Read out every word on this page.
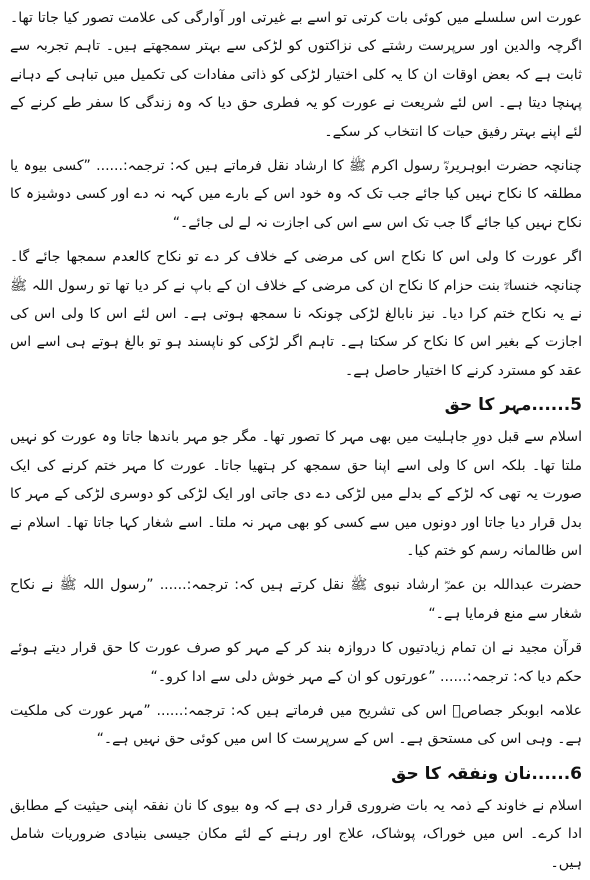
عورت اس سلسلے میں کوئی بات کرتی تو اسے بے غیرتی اور آوارگی کی علامت تصور کیا جاتا تھا۔ اگرچہ والدین اور سرپرست رشتے کی نزاکتوں کو لڑکی سے بہتر سمجھتے ہیں۔ تاہم تجربہ سے ثابت ہے کہ بعض اوقات ان کا یہ کلی اختیار لڑکی کو ذاتی مفادات کی تکمیل میں تباہی کے دہانے پہنچا دیتا ہے۔ اس لئے شریعت نے عورت کو یہ فطری حق دیا کہ وہ زندگی کا سفر طے کرنے کے لئے اپنے بہتر رفیق حیات کا انتخاب کر سکے۔

چنانچہ حضرت ابوہریرہؓ رسول اکرم ﷺ کا ارشاد نقل فرماتے ہیں کہ: ترجمہ:...... ”کسی بیوہ یا مطلقہ کا نکاح نہیں کیا جائے جب تک کہ وہ خود اس کے بارے میں کہہ نہ دے اور کسی دوشیزہ کا نکاح نہیں کیا جائے گا جب تک اس سے اس کی اجازت نہ لے لی جائے۔“

اگر عورت کا ولی اس کا نکاح اس کی مرضی کے خلاف کر دے تو نکاح کالعدم سمجھا جائے گا۔ چنانچہ خنساءؓ بنت حزام کا نکاح ان کی مرضی کے خلاف ان کے باپ نے کر دیا تھا تو رسول اللہ ﷺ نے یہ نکاح ختم کرا دیا۔ نیز نابالغ لڑکی چونکہ نا سمجھ ہوتی ہے۔ اس لئے اس کا ولی اس کی اجازت کے بغیر اس کا نکاح کر سکتا ہے۔ تاہم اگر لڑکی کو ناپسند ہو تو بالغ ہوتے ہی اسے اس عقد کو مسترد کرنے کا اختیار حاصل ہے۔

5......مہر کا حق

اسلام سے قبل دورِ جاہلیت میں بھی مہر کا تصور تھا۔ مگر جو مہر باندھا جاتا وہ عورت کو نہیں ملتا تھا۔ بلکہ اس کا ولی اسے اپنا حق سمجھ کر ہتھیا جاتا۔ عورت کا مہر ختم کرنے کی ایک صورت یہ تھی کہ لڑکے کے بدلے میں لڑکی دے دی جاتی اور ایک لڑکی کو دوسری لڑکی کے مہر کا بدل قرار دیا جاتا اور دونوں میں سے کسی کو بھی مہر نہ ملتا۔ اسے شغار کہا جاتا تھا۔ اسلام نے اس ظالمانہ رسم کو ختم کیا۔

حضرت عبداللہ بن عمرؓ ارشاد نبوی ﷺ نقل کرتے ہیں کہ: ترجمہ:...... ”رسول اللہ ﷺ نے نکاح شغار سے منع فرمایا ہے۔“

قرآن مجید نے ان تمام زیادتیوں کا دروازہ بند کر کے مہر کو صرف عورت کا حق قرار دیتے ہوئے حکم دیا کہ: ترجمہ:...... ”عورتوں کو ان کے مہر خوش دلی سے ادا کرو۔“

علامہ ابوبکر جصاصؒ اس کی تشریح میں فرماتے ہیں کہ: ترجمہ:...... ”مہر عورت کی ملکیت ہے۔ وہی اس کی مستحق ہے۔ اس کے سرپرست کا اس میں کوئی حق نہیں ہے۔“

6......نان ونفقہ کا حق

اسلام نے خاوند کے ذمہ یہ بات ضروری قرار دی ہے کہ وہ بیوی کا نان نفقہ اپنی حیثیت کے مطابق ادا کرے۔ اس میں خوراک، پوشاک، علاج اور رہنے کے لئے مکان جیسی بنیادی ضروریات شامل ہیں۔
